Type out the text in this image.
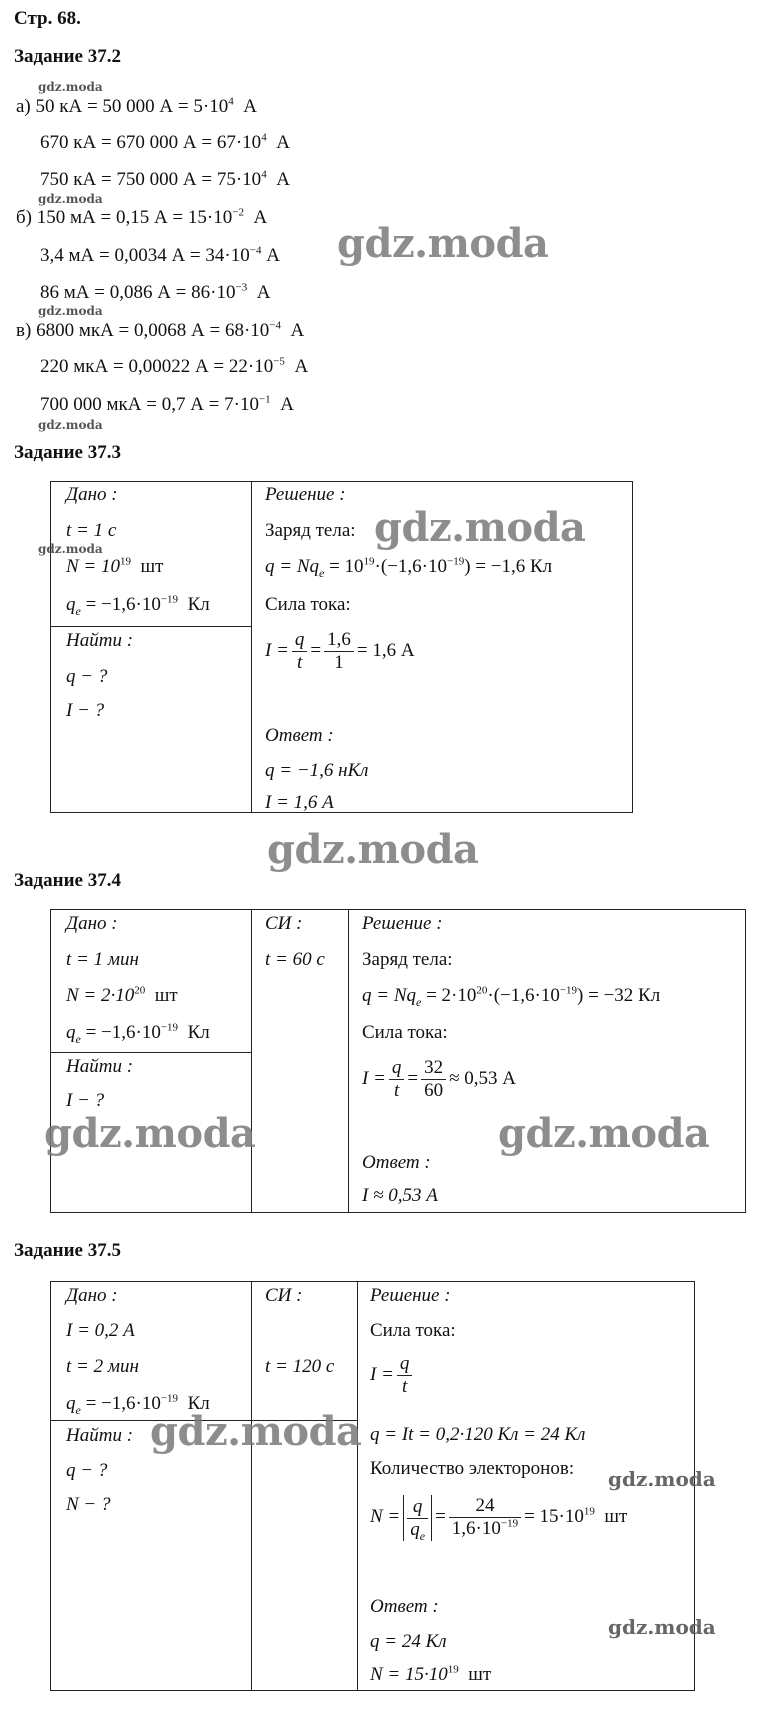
Стр. 68.
Задание 37.2
gdz.moda
а) 50 кА = 50 000 $А = 5\cdot 10^4$ А
670 кА = 670 000 $А = 67\cdot 10^4$ А
750 кА = 750 000 $А = 75\cdot 10^4$ А
gdz.moda
б) 150 мА = 0,15 $А = 15\cdot 10^{-2}$ А
3,4 мА = 0,0034 $А = 34\cdot 10^{-4}$ А gdz.moda
86 мА = 0,086 $А = 86\cdot 10^{-3}$ А
gdz.moda
в) 6800 мкА = 0,0068 $А = 68\cdot 10^{-4}$ А
220 мкА = 0,00022 $А = 22\cdot 10^{-5}$ А
700 000 мкА = 0,7 $А = 7\cdot 10^{-1}$ А
gdz.moda
Задание 37.3
Дано :
t = 1 с
gdz.moda
$N = 10^{19}$ шт
$q_e = -1,6\cdot 10^{-19}$ Кл
Найти :
q − ?
I − ?
Решение :
Заряд тела: gdz.moda
$q = Nq_e = 10^{19}\cdot(-1,6\cdot 10^{-19}) = -1,6$ Кл
Сила тока:
$I = \frac{q}{t} = \frac{1,6}{1} = 1,6$ А
Ответ :
q = −1,6 нКл
I = 1,6 А
gdz.moda
Задание 37.4
Дано :
t = 1 мин
$N = 2\cdot 10^{20}$ шт
$q_e = -1,6\cdot 10^{-19}$ Кл
Найти :
I − ?
gdz.moda
СИ :
t = 60 с
Решение :
Заряд тела:
$q = Nq_e = 2\cdot 10^{20}\cdot(-1,6\cdot 10^{-19}) = -32$ Кл
Сила тока:
$I = \frac{q}{t} = \frac{32}{60} \approx 0,53$ А
gdz.moda
Ответ :
I ≈ 0,53 А
Задание 37.5
Дано :
I = 0,2 А
t = 2 мин
$q_e = -1,6\cdot 10^{-19}$ Кл
Найти : gdz.moda
q − ?
N − ?
СИ :
t = 120 с
Решение :
Сила тока:
$I = \frac{q}{t}$
q = It = 0,2·120 Кл = 24 Кл
Количество электоронов: gdz.moda
$N = \frac{q}{q_e} = \frac{24}{1,6\cdot 10^{-19}} = 15\cdot 10^{19}$ шт
Ответ :
gdz.moda
q = 24 Кл
$N = 15\cdot 10^{19}$ шт
